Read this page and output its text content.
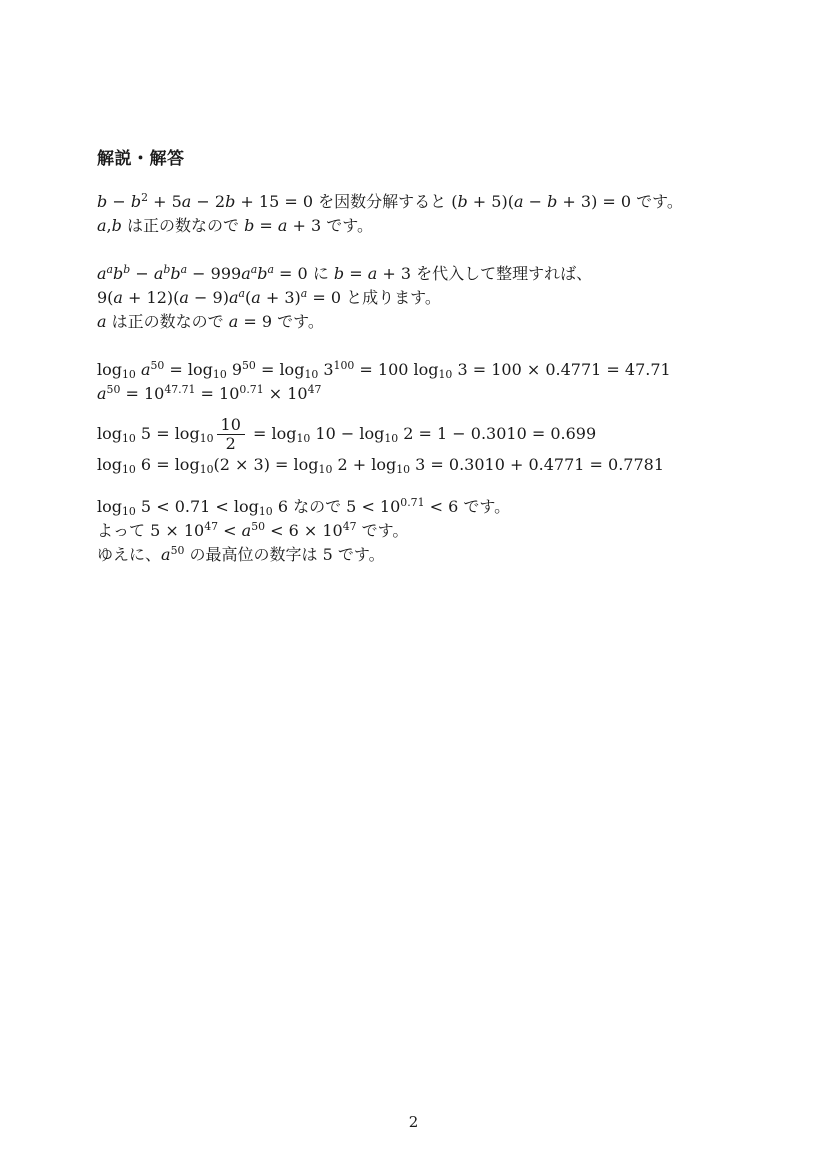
解説・解答
$b - b^2 + 5a - 2b + 15 = 0$ を因数分解すると (b + 5)(a − b + 3) = 0 です。
a,b は正の数なので b = a + 3 です。
$a^ab^b - a^bb^a - 999a^ab^a = 0$ に b = a + 3 を代入して整理すれば、
$9(a + 12)(a - 9)a^a(a + 3)^a = 0$ と成ります。
a は正の数なので a = 9 です。
$\log_{10} a^{50} = \log_{10} 9^{50} = \log_{10} 3^{100} = 100$ $\log_{10} 3 = 100 \times 0.4771 = 47.71$
$a^{50} = 10^{47.71} = 10^{0.71} \times 10^{47}$
$\log_{10} 5 = \log_{10} \frac{10}{2} = \log_{10} 10 - \log_{10} 2 = 1 - 0.3010 = 0.699$
$\log_{10} 6 = \log_{10}(2 \times 3) = \log_{10} 2 + \log_{10} 3 = 0.3010 + 0.4771 = 0.7781$
$\log_{10} 5 < 0.71 < \log_{10} 6$ なので $5 < 10^{0.71} < 6$ です。
よって $5 \times 10^{47} < a^{50} < 6 \times 10^{47}$ です。
ゆえに、$a^{50}$ の最高位の数字は 5 です。
2
